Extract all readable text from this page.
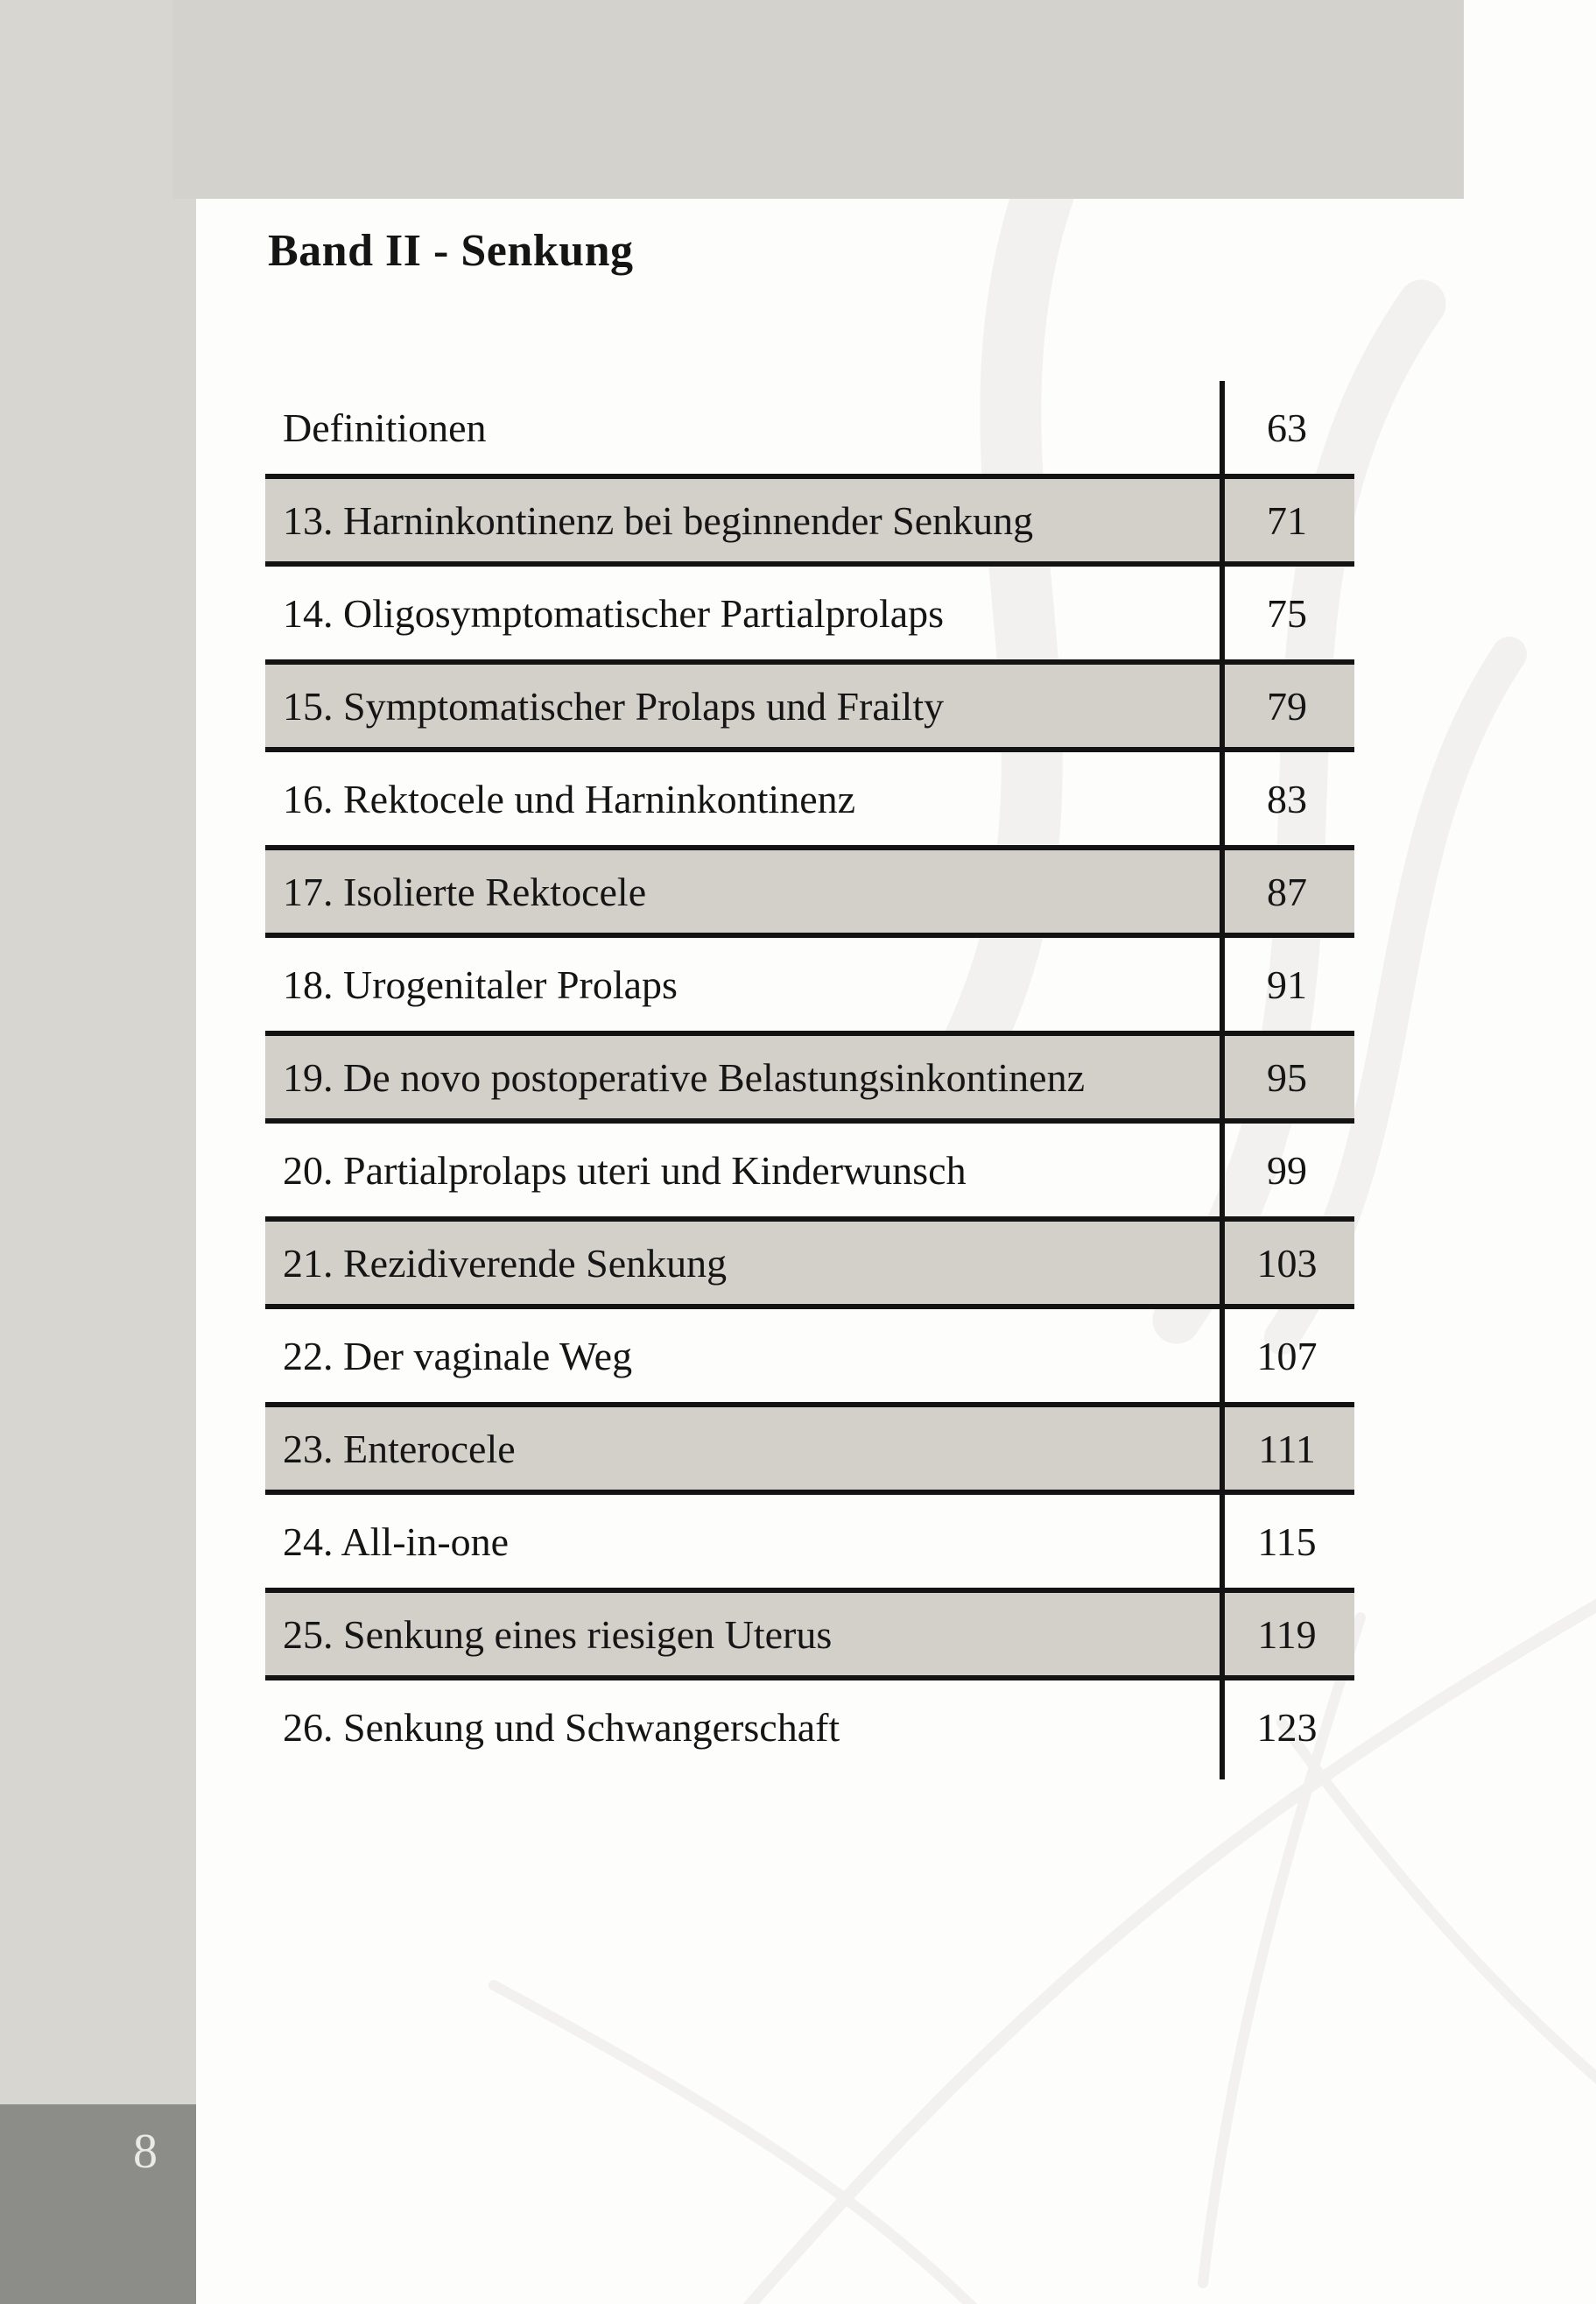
Band II - Senkung
Definitionen	63
13. Harninkontinenz bei beginnender Senkung	71
14. Oligosymptomatischer Partialprolaps	75
15. Symptomatischer Prolaps und Frailty	79
16. Rektocele und Harninkontinenz	83
17. Isolierte Rektocele	87
18. Urogenitaler Prolaps	91
19. De novo postoperative Belastungsinkontinenz	95
20. Partialprolaps uteri und Kinderwunsch	99
21. Rezidiverende Senkung	103
22. Der vaginale Weg	107
23. Enterocele	111
24. All-in-one	115
25. Senkung eines riesigen Uterus	119
26. Senkung und Schwangerschaft	123
8
